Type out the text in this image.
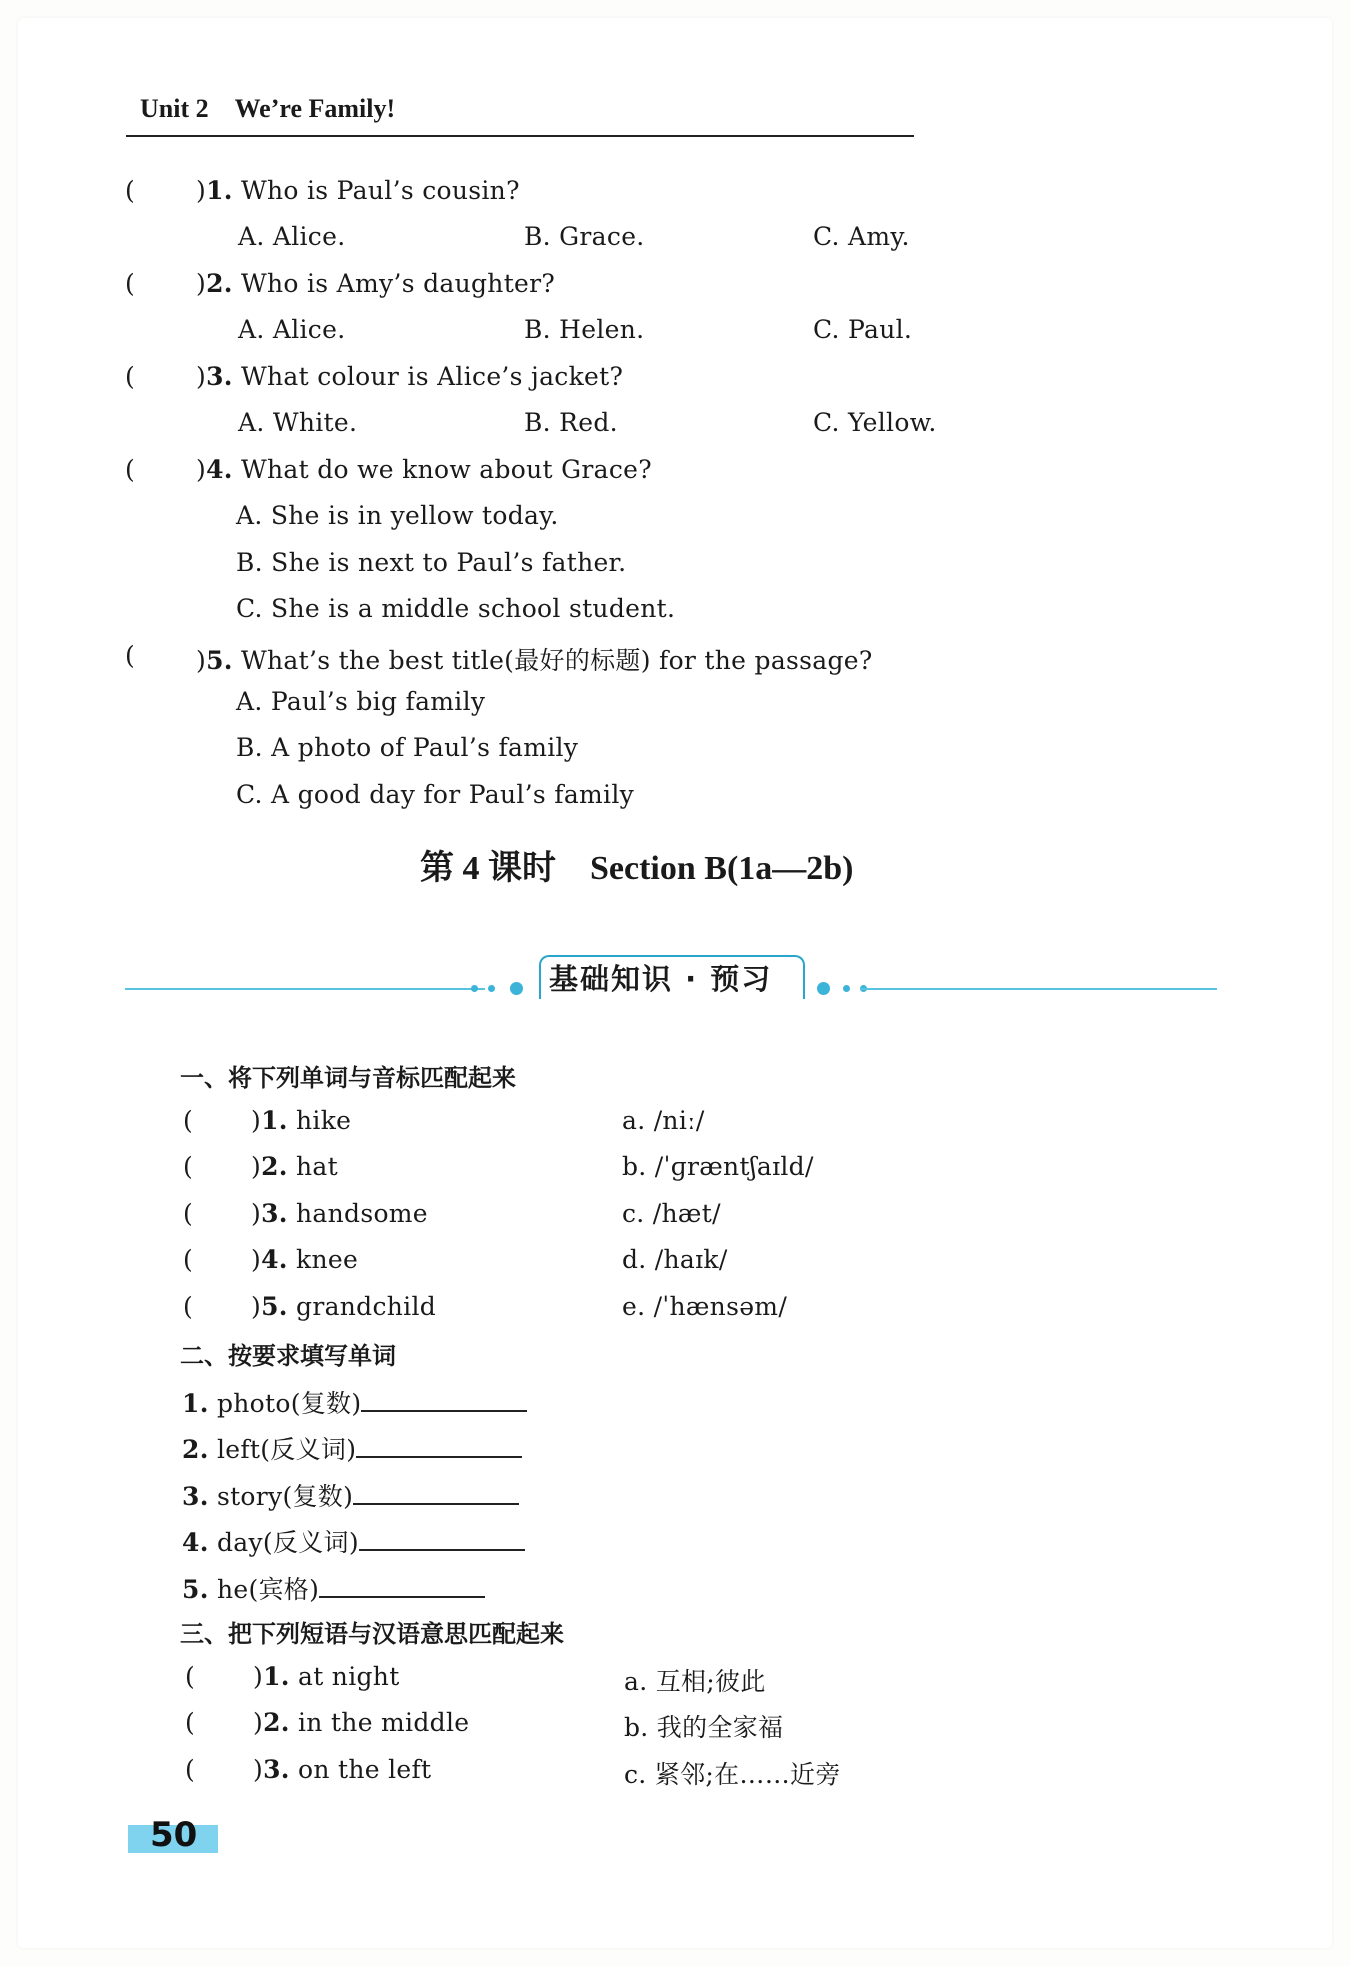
Unit 2　We’re Family!
( )1. Who is Paul’s cousin?
A. Alice.	B. Grace.	C. Amy.
( )2. Who is Amy’s daughter?
A. Alice.	B. Helen.	C. Paul.
( )3. What colour is Alice’s jacket?
A. White.	B. Red.	C. Yellow.
( )4. What do we know about Grace?
A. She is in yellow today.
B. She is next to Paul’s father.
C. She is a middle school student.
( )5. What’s the best title(最好的标题) for the passage?
A. Paul’s big family
B. A photo of Paul’s family
C. A good day for Paul’s family
第 4 课时　Section B(1a—2b)
基础知识 · 预习
一、将下列单词与音标匹配起来
( )1. hike	a. /niː/
( )2. hat	b. /ˈɡræntʃaɪld/
( )3. handsome	c. /hæt/
( )4. knee	d. /haɪk/
( )5. grandchild	e. /ˈhænsəm/
二、按要求填写单词
1. photo(复数)
2. left(反义词)
3. story(复数)
4. day(反义词)
5. he(宾格)
三、把下列短语与汉语意思匹配起来
( )1. at night	a. 互相;彼此
( )2. in the middle	b. 我的全家福
( )3. on the left	c. 紧邻;在……近旁
50
